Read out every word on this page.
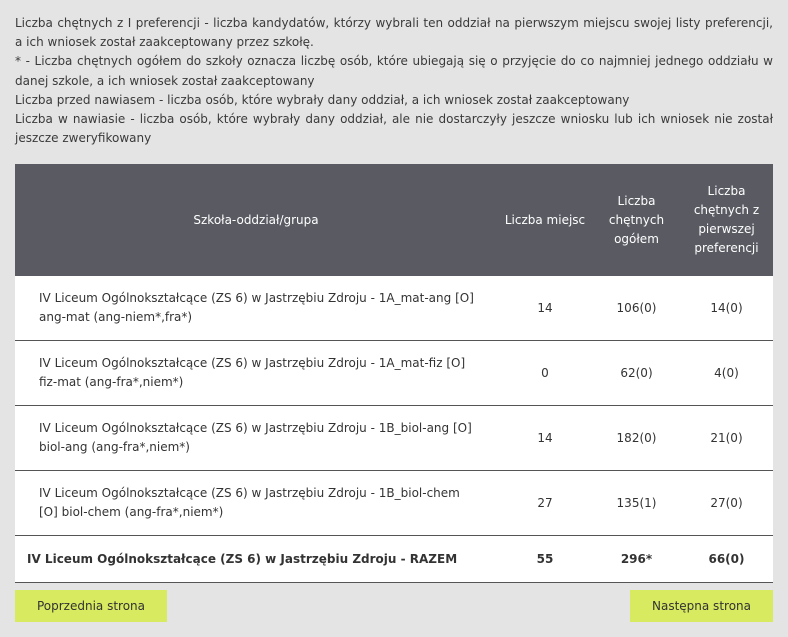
Liczba chętnych z I preferencji - liczba kandydatów, którzy wybrali ten oddział na pierwszym miejscu swojej listy preferencji, a ich wniosek został zaakceptowany przez szkołę.

* - Liczba chętnych ogółem do szkoły oznacza liczbę osób, które ubiegają się o przyjęcie do co najmniej jednego oddziału w danej szkole, a ich wniosek został zaakceptowany

Liczba przed nawiasem - liczba osób, które wybrały dany oddział, a ich wniosek został zaakceptowany

Liczba w nawiasie - liczba osób, które wybrały dany oddział, ale nie dostarczyły jeszcze wniosku lub ich wniosek nie został jeszcze zweryfikowany

Szkoła-oddział/grupa	Liczba miejsc	Liczba chętnych ogółem	Liczba chętnych z pierwszej preferencji
IV Liceum Ogólnokształcące (ZS 6) w Jastrzębiu Zdroju - 1A_mat-ang [O] ang-mat (ang-niem*,fra*)	14	106(0)	14(0)
IV Liceum Ogólnokształcące (ZS 6) w Jastrzębiu Zdroju - 1A_mat-fiz [O] fiz-mat (ang-fra*,niem*)	0	62(0)	4(0)
IV Liceum Ogólnokształcące (ZS 6) w Jastrzębiu Zdroju - 1B_biol-ang [O] biol-ang (ang-fra*,niem*)	14	182(0)	21(0)
IV Liceum Ogólnokształcące (ZS 6) w Jastrzębiu Zdroju - 1B_biol-chem [O] biol-chem (ang-fra*,niem*)	27	135(1)	27(0)
IV Liceum Ogólnokształcące (ZS 6) w Jastrzębiu Zdroju - RAZEM	55	296*	66(0)
Poprzednia strona	Następna strona
